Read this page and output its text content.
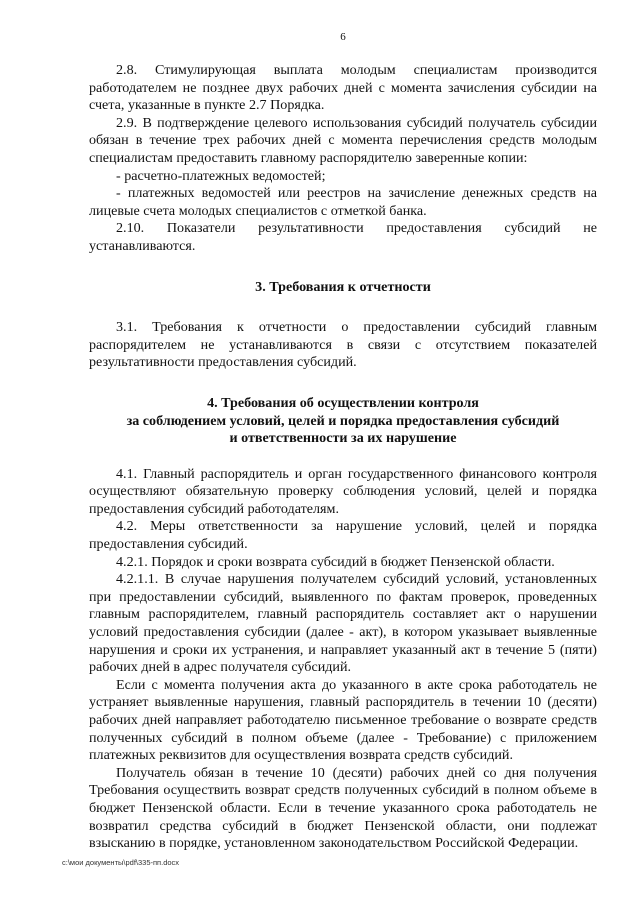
6

2.8. Стимулирующая выплата молодым специалистам производится работодателем не позднее двух рабочих дней с момента зачисления субсидии на счета, указанные в пункте 2.7 Порядка.

2.9. В подтверждение целевого использования субсидий получатель субсидии обязан в течение трех рабочих дней с момента перечисления средств молодым специалистам предоставить главному распорядителю заверенные копии:

- расчетно-платежных ведомостей;

- платежных ведомостей или реестров на зачисление денежных средств на лицевые счета молодых специалистов с отметкой банка.

2.10. Показатели результативности предоставления субсидий не устанавливаются.

3. Требования к отчетности

3.1. Требования к отчетности о предоставлении субсидий главным распорядителем не устанавливаются в связи с отсутствием показателей результативности предоставления субсидий.

4. Требования об осуществлении контроля

за соблюдением условий, целей и порядка предоставления субсидий

и ответственности за их нарушение

4.1. Главный распорядитель и орган государственного финансового контроля осуществляют обязательную проверку соблюдения условий, целей и порядка предоставления субсидий работодателям.

4.2. Меры ответственности за нарушение условий, целей и порядка предоставления субсидий.

4.2.1. Порядок и сроки возврата субсидий в бюджет Пензенской области.

4.2.1.1. В случае нарушения получателем субсидий условий, установленных при предоставлении субсидий, выявленного по фактам проверок, проведенных главным распорядителем, главный распорядитель составляет акт о нарушении условий предоставления субсидии (далее - акт), в котором указывает выявленные нарушения и сроки их устранения, и направляет указанный акт в течение 5 (пяти) рабочих дней в адрес получателя субсидий.

Если с момента получения акта до указанного в акте срока работодатель не устраняет выявленные нарушения, главный распорядитель в течении 10 (десяти) рабочих дней направляет работодателю письменное требование о возврате средств полученных субсидий в полном объеме (далее - Требование) с приложением платежных реквизитов для осуществления возврата средств субсидий.

Получатель обязан в течение 10 (десяти) рабочих дней со дня получения Требования осуществить возврат средств полученных субсидий в полном объеме в бюджет Пензенской области. Если в течение указанного срока работодатель не возвратил средства субсидий в бюджет Пензенской области, они подлежат взысканию в порядке, установленном законодательством Российской Федерации.

c:\мои документы\pdf\335-пп.docx
